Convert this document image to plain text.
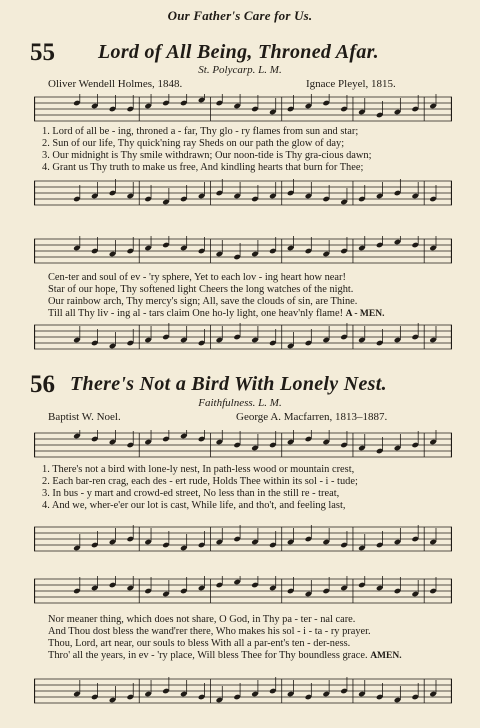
Our Father's Care for Us.
55 Lord of All Being, Throned Afar.
St. Polycarp. L. M.
Oliver Wendell Holmes, 1848.	Ignace Pleyel, 1815.
1. Lord of all be - ing, throned a - far, Thy glo - ry flames from sun and star;
2. Sun of our life, Thy quick'ning ray Sheds on our path the glow of day;
3. Our midnight is Thy smile withdrawn; Our noon-tide is Thy gra-cious dawn;
4. Grant us Thy truth to make us free, And kindling hearts that burn for Thee;
Cen-ter and soul of ev - 'ry sphere, Yet to each lov - ing heart how near!
Star of our hope, Thy softened light Cheers the long watches of the night.
Our rainbow arch, Thy mercy's sign; All, save the clouds of sin, are Thine.
Till all Thy liv - ing al - tars claim One ho-ly light, one heav'nly flame! A - MEN.
56 There's Not a Bird With Lonely Nest.
Faithfulness. L. M.
Baptist W. Noel.	George A. Macfarren, 1813–1887.
1. There's not a bird with lone-ly nest, In path-less wood or mountain crest,
2. Each bar-ren crag, each des - ert rude, Holds Thee within its sol - i - tude;
3. In bus - y mart and crowd-ed street, No less than in the still re - treat,
4. And we, wher-e'er our lot is cast, While life, and tho't, and feeling last,
Nor meaner thing, which does not share, O God, in Thy pa - ter - nal care.
And Thou dost bless the wand'rer there, Who makes his sol - i - ta - ry prayer.
Thou, Lord, art near, our souls to bless With all a par-ent's ten - der-ness.
Thro' all the years, in ev - 'ry place, Will bless Thee for Thy boundless grace. AMEN.
